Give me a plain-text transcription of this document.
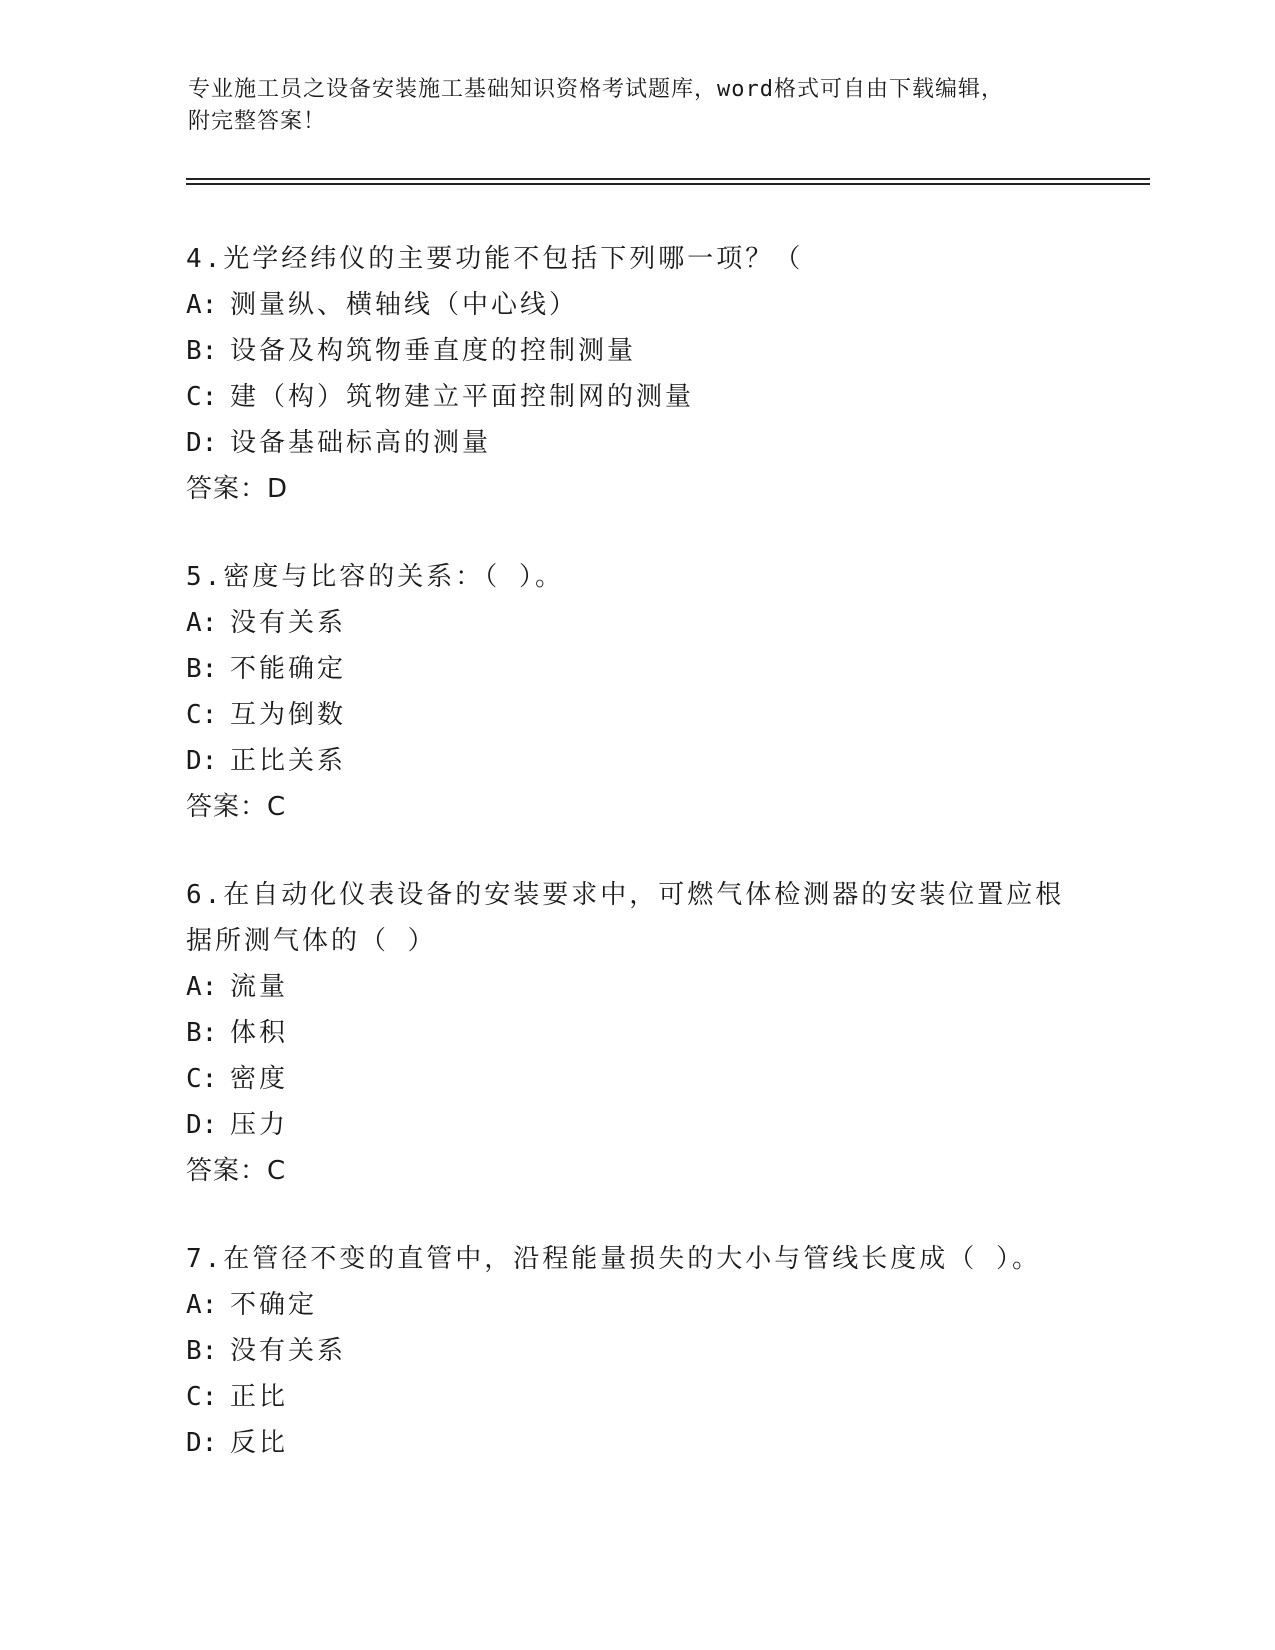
专业施工员之设备安装施工基础知识资格考试题库，word格式可自由下载编辑，
附完整答案！
4.光学经纬仪的主要功能不包括下列哪一项？（
A: 测量纵、横轴线（中心线）
B: 设备及构筑物垂直度的控制测量
C: 建（构）筑物建立平面控制网的测量
D: 设备基础标高的测量
答案：D
5.密度与比容的关系：（ ）。
A: 没有关系
B: 不能确定
C: 互为倒数
D: 正比关系
答案：C
6.在自动化仪表设备的安装要求中，可燃气体检测器的安装位置应根据所测气体的（ ）
A: 流量
B: 体积
C: 密度
D: 压力
答案：C
7.在管径不变的直管中，沿程能量损失的大小与管线长度成（ ）。
A: 不确定
B: 没有关系
C: 正比
D: 反比
